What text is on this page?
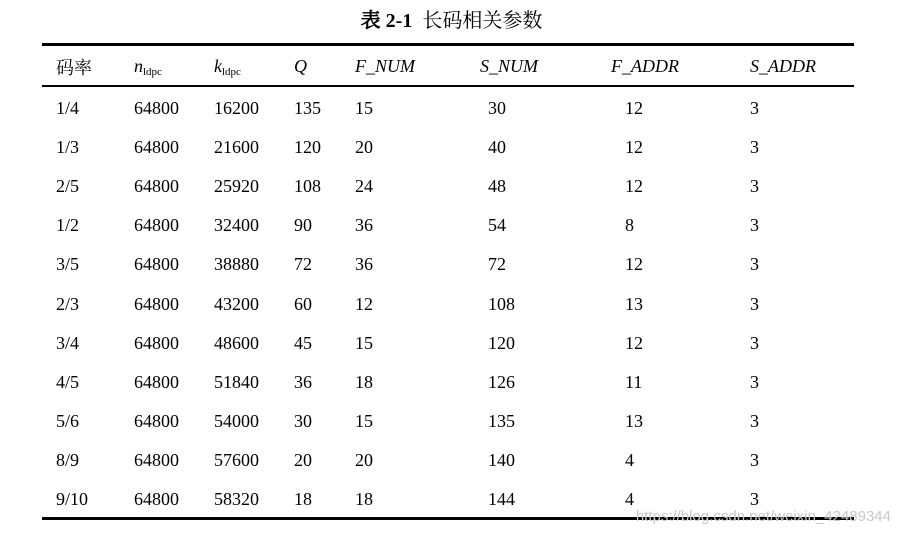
表 2-1 长码相关参数
码率	$n_{ldpc}$	$k_{ldpc}$	Q	F_NUM	S_NUM	F_ADDR	S_ADDR
1/4	64800	16200	135	15	30	12	3
1/3	64800	21600	120	20	40	12	3
2/5	64800	25920	108	24	48	12	3
1/2	64800	32400	90	36	54	8	3
3/5	64800	38880	72	36	72	12	3
2/3	64800	43200	60	12	108	13	3
3/4	64800	48600	45	15	120	12	3
4/5	64800	51840	36	18	126	11	3
5/6	64800	54000	30	15	135	13	3
8/9	64800	57600	20	20	140	4	3
9/10	64800	58320	18	18	144	4	3
https://blog.csdn.net/weixin_42489344
